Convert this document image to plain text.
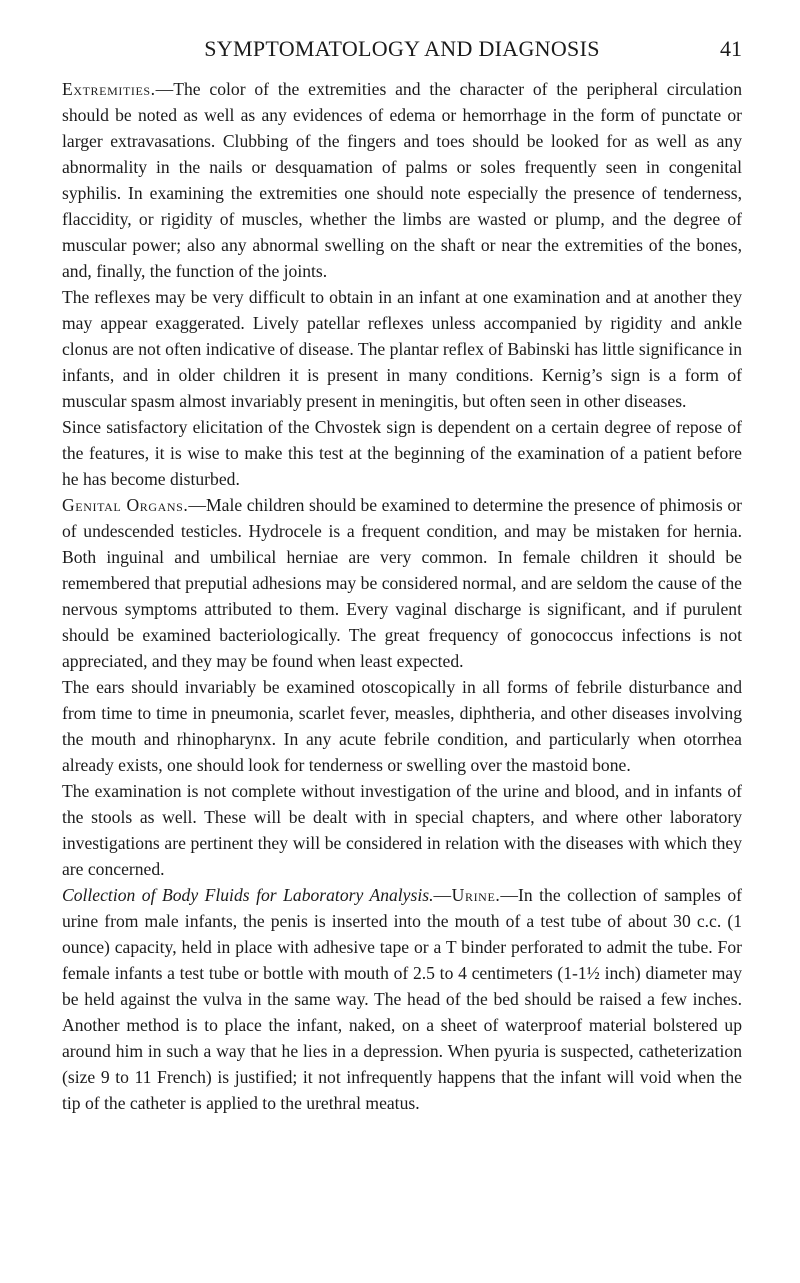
SYMPTOMATOLOGY AND DIAGNOSIS	41

Extremities.—The color of the extremities and the character of the peripheral circulation should be noted as well as any evidences of edema or hemorrhage in the form of punctate or larger extravasations. Clubbing of the fingers and toes should be looked for as well as any abnormality in the nails or desquamation of palms or soles frequently seen in congenital syphilis. In examining the extremities one should note especially the presence of tenderness, flaccidity, or rigidity of muscles, whether the limbs are wasted or plump, and the degree of muscular power; also any abnormal swelling on the shaft or near the extremities of the bones, and, finally, the function of the joints.

The reflexes may be very difficult to obtain in an infant at one examination and at another they may appear exaggerated. Lively patellar reflexes unless accompanied by rigidity and ankle clonus are not often indicative of disease. The plantar reflex of Babinski has little significance in infants, and in older children it is present in many conditions. Kernig’s sign is a form of muscular spasm almost invariably present in meningitis, but often seen in other diseases.

Since satisfactory elicitation of the Chvostek sign is dependent on a certain degree of repose of the features, it is wise to make this test at the beginning of the examination of a patient before he has become disturbed.

Genital Organs.—Male children should be examined to determine the presence of phimosis or of undescended testicles. Hydrocele is a frequent condition, and may be mistaken for hernia. Both inguinal and umbilical herniae are very common. In female children it should be remembered that preputial adhesions may be considered normal, and are seldom the cause of the nervous symptoms attributed to them. Every vaginal discharge is significant, and if purulent should be examined bacteriologically. The great frequency of gonococcus infections is not appreciated, and they may be found when least expected.

The ears should invariably be examined otoscopically in all forms of febrile disturbance and from time to time in pneumonia, scarlet fever, measles, diphtheria, and other diseases involving the mouth and rhinopharynx. In any acute febrile condition, and particularly when otorrhea already exists, one should look for tenderness or swelling over the mastoid bone.

The examination is not complete without investigation of the urine and blood, and in infants of the stools as well. These will be dealt with in special chapters, and where other laboratory investigations are pertinent they will be considered in relation with the diseases with which they are concerned.

Collection of Body Fluids for Laboratory Analysis.—Urine.—In the collection of samples of urine from male infants, the penis is inserted into the mouth of a test tube of about 30 c.c. (1 ounce) capacity, held in place with adhesive tape or a T binder perforated to admit the tube. For female infants a test tube or bottle with mouth of 2.5 to 4 centimeters (1-1½ inch) diameter may be held against the vulva in the same way. The head of the bed should be raised a few inches. Another method is to place the infant, naked, on a sheet of waterproof material bolstered up around him in such a way that he lies in a depression. When pyuria is suspected, catheterization (size 9 to 11 French) is justified; it not infrequently happens that the infant will void when the tip of the catheter is applied to the urethral meatus.
